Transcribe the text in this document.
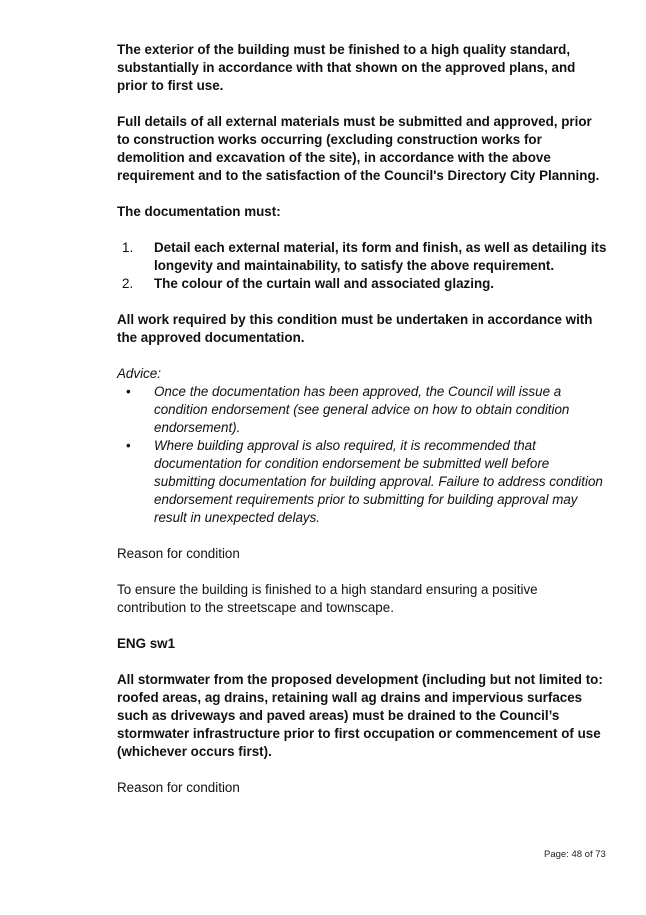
The exterior of the building must be finished to a high quality standard, substantially in accordance with that shown on the approved plans, and prior to first use.

Full details of all external materials must be submitted and approved, prior to construction works occurring (excluding construction works for demolition and excavation of the site), in accordance with the above requirement and to the satisfaction of the Council's Directory City Planning.

The documentation must:

1. Detail each external material, its form and finish, as well as detailing its longevity and maintainability, to satisfy the above requirement.
2. The colour of the curtain wall and associated glazing.

All work required by this condition must be undertaken in accordance with the approved documentation.

Advice:

• Once the documentation has been approved, the Council will issue a condition endorsement (see general advice on how to obtain condition endorsement).
• Where building approval is also required, it is recommended that documentation for condition endorsement be submitted well before submitting documentation for building approval. Failure to address condition endorsement requirements prior to submitting for building approval may result in unexpected delays.

Reason for condition

To ensure the building is finished to a high standard ensuring a positive contribution to the streetscape and townscape.

ENG sw1

All stormwater from the proposed development (including but not limited to: roofed areas, ag drains, retaining wall ag drains and impervious surfaces such as driveways and paved areas) must be drained to the Council’s stormwater infrastructure prior to first occupation or commencement of use (whichever occurs first).

Reason for condition

Page: 48 of 73
